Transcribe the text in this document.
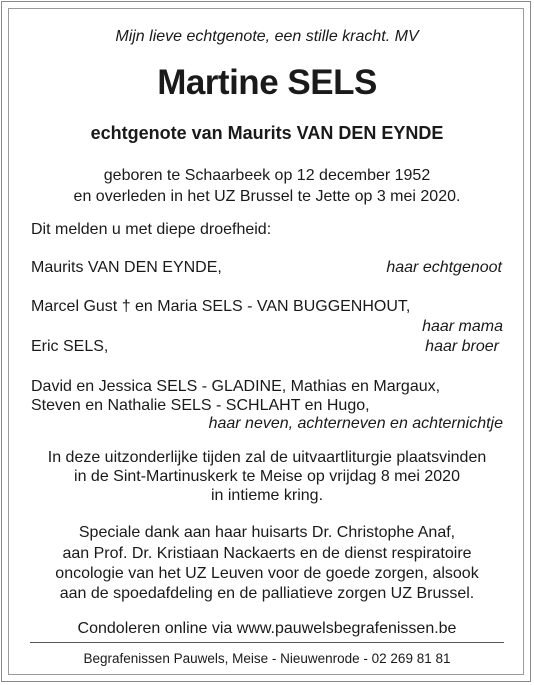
Mijn lieve echtgenote, een stille kracht. MV
Martine SELS
echtgenote van Maurits VAN DEN EYNDE
geboren te Schaarbeek op 12 december 1952
en overleden in het UZ Brussel te Jette op 3 mei 2020.
Dit melden u met diepe droefheid:
Maurits VAN DEN EYNDE,	haar echtgenoot
Marcel Gust † en Maria SELS - VAN BUGGENHOUT,
haar mama
Eric SELS,	haar broer
David en Jessica SELS - GLADINE, Mathias en Margaux,
Steven en Nathalie SELS - SCHLAHT en Hugo,
haar neven, achterneven en achternichtje
In deze uitzonderlijke tijden zal de uitvaartliturgie plaatsvinden
in de Sint-Martinuskerk te Meise op vrijdag 8 mei 2020
in intieme kring.
Speciale dank aan haar huisarts Dr. Christophe Anaf,
aan Prof. Dr. Kristiaan Nackaerts en de dienst respiratoire
oncologie van het UZ Leuven voor de goede zorgen, alsook
aan de spoedafdeling en de palliatieve zorgen UZ Brussel.
Condoleren online via www.pauwelsbegrafenissen.be
Begrafenissen Pauwels, Meise - Nieuwenrode - 02 269 81 81
